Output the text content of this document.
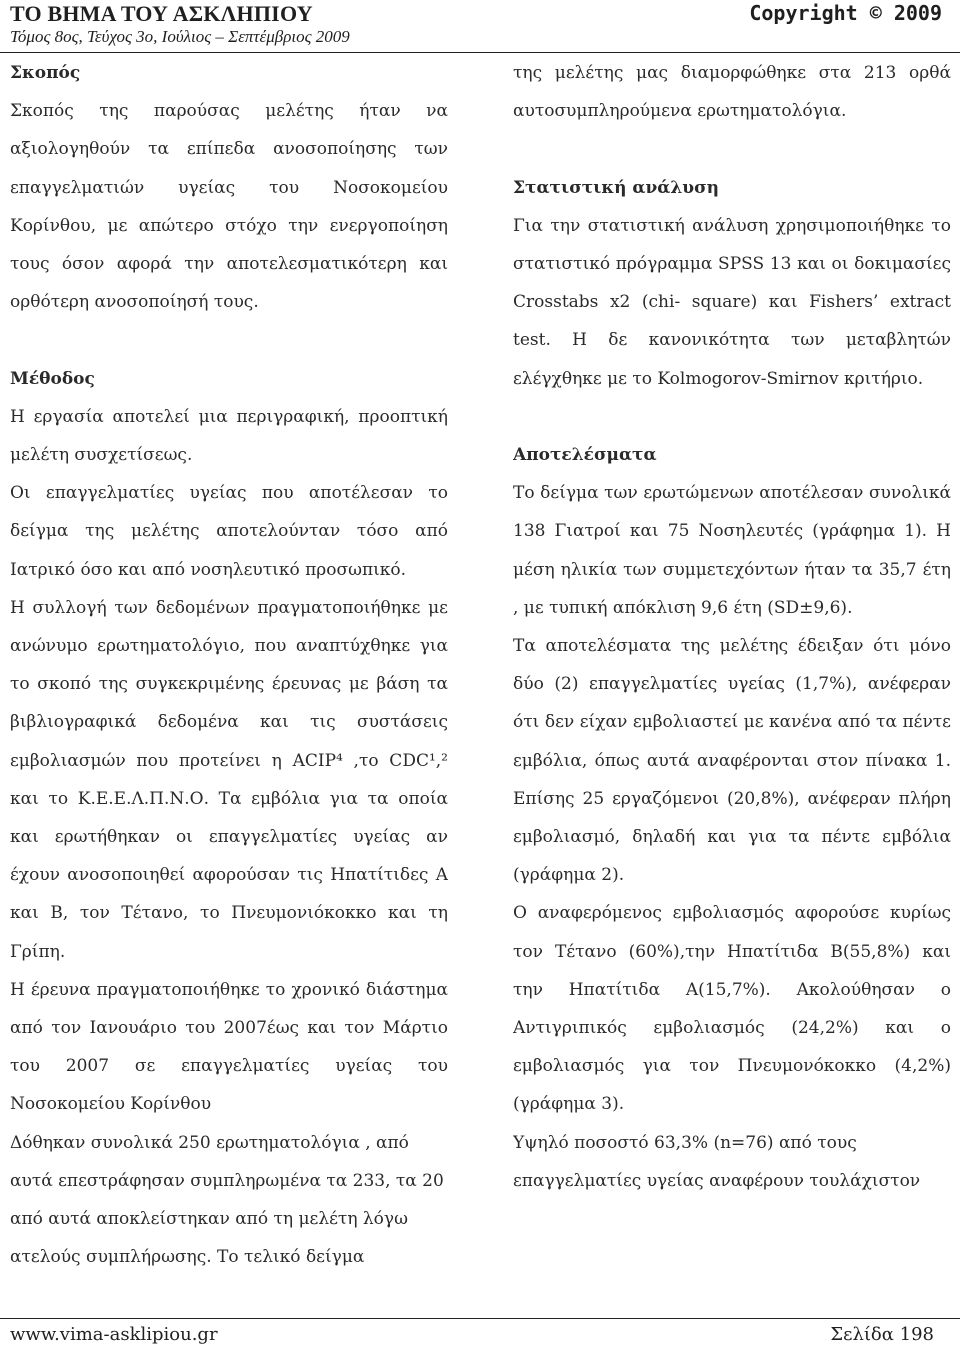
ΤΟ ΒΗΜΑ ΤΟΥ ΑΣΚΛΗΠΙΟΥ

Τόμος 8ος, Τεύχος 3ο, Ιούλιος – Σεπτέμβριος 2009

Copyright © 2009

Σκοπός

Σκοπός της παρούσας μελέτης ήταν να αξιολογηθούν τα επίπεδα ανοσοποίησης των επαγγελματιών υγείας του Νοσοκομείου Κορίνθου, με απώτερο στόχο την ενεργοποίηση τους όσον αφορά την αποτελεσματικότερη και ορθότερη ανοσοποίησή τους.

Μέθοδος

Η εργασία αποτελεί μια περιγραφική, προοπτική μελέτη συσχετίσεως.

Οι επαγγελματίες υγείας που αποτέλεσαν το δείγμα της μελέτης αποτελούνταν τόσο από Ιατρικό όσο και από νοσηλευτικό προσωπικό.

Η συλλογή των δεδομένων πραγματοποιήθηκε με ανώνυμο ερωτηματολόγιο, που αναπτύχθηκε για το σκοπό της συγκεκριμένης έρευνας με βάση τα βιβλιογραφικά δεδομένα και τις συστάσεις εμβολιασμών που προτείνει η ACIP⁴ ,το CDC¹,² και το Κ.Ε.Ε.Λ.Π.Ν.Ο. Τα εμβόλια για τα οποία και ερωτήθηκαν οι επαγγελματίες υγείας αν έχουν ανοσοποιηθεί αφορούσαν τις Ηπατίτιδες Α και Β, τον Τέτανο, το Πνευμονιόκοκκο και τη Γρίπη.

Η έρευνα πραγματοποιήθηκε το χρονικό διάστημα από τον Ιανουάριο του 2007έως και τον Μάρτιο του 2007 σε επαγγελματίες υγείας του Νοσοκομείου Κορίνθου

Δόθηκαν συνολικά 250 ερωτηματολόγια , από αυτά επεστράφησαν συμπληρωμένα τα 233, τα 20 από αυτά αποκλείστηκαν από τη μελέτη λόγω ατελούς συμπλήρωσης. Το τελικό δείγμα

της μελέτης μας διαμορφώθηκε στα 213 ορθά αυτοσυμπληρούμενα ερωτηματολόγια.

Στατιστική ανάλυση

Για την στατιστική ανάλυση χρησιμοποιήθηκε το στατιστικό πρόγραμμα SPSS 13 και οι δοκιμασίες Crosstabs x2 (chi- square) και Fishers’ extract test. Η δε κανονικότητα των μεταβλητών ελέγχθηκε με το Kolmogorov-Smirnov κριτήριο.

Αποτελέσματα

Το δείγμα των ερωτώμενων αποτέλεσαν συνολικά 138 Γιατροί και 75 Νοσηλευτές (γράφημα 1). Η μέση ηλικία των συμμετεχόντων ήταν τα 35,7 έτη , με τυπική απόκλιση 9,6 έτη (SD±9,6).

Τα αποτελέσματα της μελέτης έδειξαν ότι μόνο δύο (2) επαγγελματίες υγείας (1,7%), ανέφεραν ότι δεν είχαν εμβολιαστεί με κανένα από τα πέντε εμβόλια, όπως αυτά αναφέρονται στον πίνακα 1. Επίσης 25 εργαζόμενοι (20,8%), ανέφεραν πλήρη εμβολιασμό, δηλαδή και για τα πέντε εμβόλια (γράφημα 2).

Ο αναφερόμενος εμβολιασμός αφορούσε κυρίως τον Τέτανο (60%),την Ηπατίτιδα Β(55,8%) και την Ηπατίτιδα Α(15,7%). Ακολούθησαν ο Αντιγριπικός εμβολιασμός (24,2%) και ο εμβολιασμός για τον Πνευμονόκοκκο (4,2%) (γράφημα 3).

Υψηλό ποσοστό 63,3% (n=76) από τους επαγγελματίες υγείας αναφέρουν τουλάχιστον

www.vima-asklipiou.gr	Σελίδα 198
